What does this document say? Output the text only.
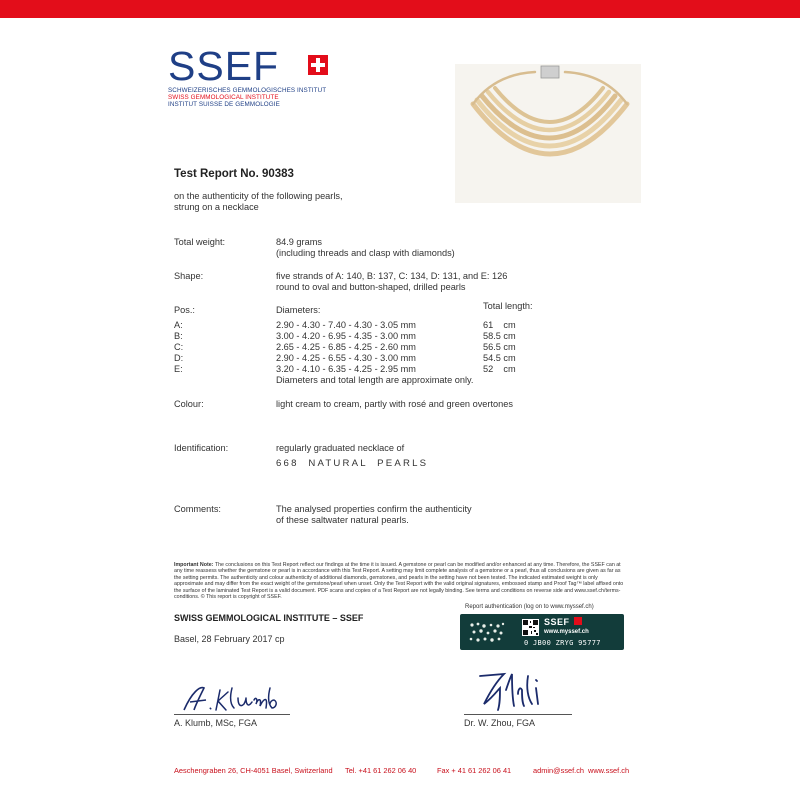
SSEF
SCHWEIZERISCHES GEMMOLOGISCHES INSTITUT
SWISS GEMMOLOGICAL INSTITUTE
INSTITUT SUISSE DE GEMMOLOGIE
Test Report No. 90383
on the authenticity of the following pearls,
strung on a necklace
Total weight:	84.9 grams
(including threads and clasp with diamonds)
Shape:	five strands of A: 140, B: 137, C: 134, D: 131, and E: 126
round to oval and button-shaped, drilled pearls
Pos.:	Diameters:	Total length:
A:	2.90 - 4.30 - 7.40 - 4.30 - 3.05 mm	61    cm
B:	3.00 - 4.20 - 6.95 - 4.35 - 3.00 mm	58.5 cm
C:	2.65 - 4.25 - 6.85 - 4.25 - 2.60 mm	56.5 cm
D:	2.90 - 4.25 - 6.55 - 4.30 - 3.00 mm	54.5 cm
E:	3.20 - 4.10 - 6.35 - 4.25 - 2.95 mm	52    cm
Diameters and total length are approximate only.
Colour:	light cream to cream, partly with rosé and green overtones
Identification:	regularly graduated necklace of
668  NATURAL  PEARLS
Comments:	The analysed properties confirm the authenticity
of these saltwater natural pearls.
Important Note: The conclusions on this Test Report reflect our findings at the time it is issued. A gemstone or pearl can be modified and/or enhanced at any time. Therefore, the SSEF can at any time reassess whether the gemstone or pearl is in accordance with this Test Report. A setting may limit complete analysis of a gemstone or a pearl, thus all conclusions are given as far as the setting permits. The authenticity and colour authenticity of additional diamonds, gemstones, and pearls in the setting have not been tested. The indicated estimated weight is only approximate and may differ from the exact weight of the gemstone/pearl when unset. Only the Test Report with the valid original signatures, embossed stamp and Proof Tag™ label affixed onto the surface of the laminated Test Report is a valid document. PDF scans and copies of a Test Report are not legally binding. See terms and conditions on reverse side and www.ssef.ch/terms-conditions. © This report is copyright of SSEF.
SWISS GEMMOLOGICAL INSTITUTE – SSEF
Basel, 28 February 2017 cp
Report authentication (log on to www.myssef.ch)
SSEF
www.myssef.ch
0 JB00 ZRYG 95777
A. Klumb, MSc, FGA	Dr. W. Zhou, FGA
Aeschengraben 26, CH-4051 Basel, Switzerland Tel. +41 61 262 06 40	Fax + 41 61 262 06 41	admin@ssef.ch www.ssef.ch
